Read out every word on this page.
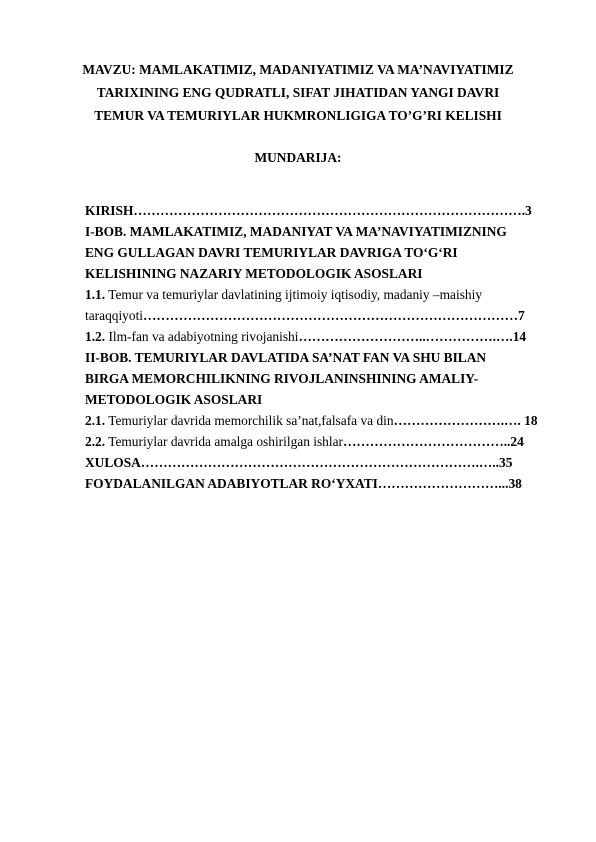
MAVZU: MAMLAKATIMIZ, MADANIYATIMIZ VA MA’NAVIYATIMIZ
TARIXINING ENG QUDRATLI, SIFAT JIHATIDAN YANGI DAVRI
TEMUR VA TEMURIYLAR HUKMRONLIGIGA TO’G’RI KELISHI
MUNDARIJA:
KIRISH…………………………………………………………………………….3
I-BOB. MAMLAKATIMIZ, MADANIYAT VA MA’NAVIYATIMIZNING
ENG GULLAGAN DAVRI TEMURIYLAR DAVRIGA TO‘G‘RI
KELISHINING NAZARIY METODOLOGIK ASOSLARI
1.1. Temur va temuriylar davlatining ijtimoiy iqtisodiy, madaniy –maishiy
taraqqiyoti…………………………………………………………………………7
1.2. Ilm-fan va adabiyotning rivojanishi………………………..…………….….14
II-BOB. TEMURIYLAR DAVLATIDA SA’NAT FAN VA SHU BILAN
BIRGA MEMORCHILIKNING RIVOJLANINSHINING AMALIY-
METODOLOGIK ASOSLARI
2.1. Temuriylar davrida memorchilik sa’nat,falsafa va din…………………….…. 18
2.2. Temuriylar davrida amalga oshirilgan ishlar………………………………..24
XULOSA………………………………………………………………….…..35
FOYDALANILGAN ADABIYOTLAR RO‘YXATI………………………...38
